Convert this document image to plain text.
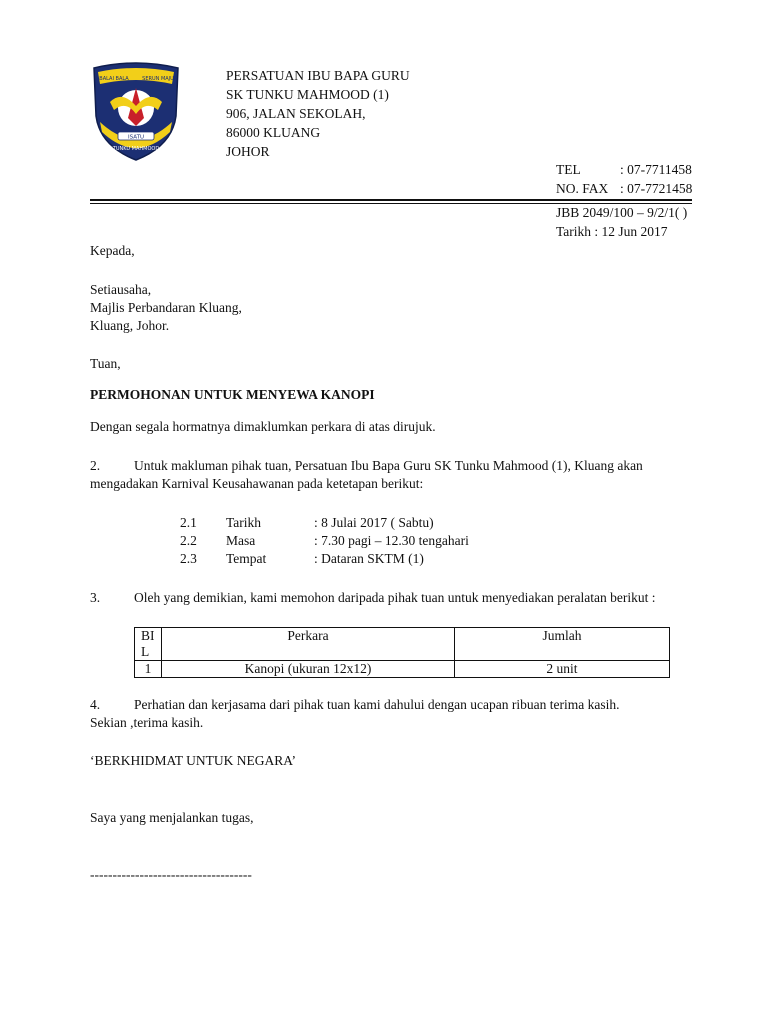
ISATU
BALAI BALA	SERUN MAJU
TUNKU MAHMOOD
PERSATUAN IBU BAPA GURU
SK TUNKU MAHMOOD (1)
906, JALAN SEKOLAH,
86000 KLUANG
JOHOR
TEL	: 07-7711458
NO. FAX : 07-7721458
JBB 2049/100 – 9/2/1( )
Tarikh : 12 Jun 2017
Kepada,
Setiausaha,
Majlis Perbandaran Kluang,
Kluang, Johor.
Tuan,
PERMOHONAN UNTUK MENYEWA KANOPI
Dengan segala hormatnya dimaklumkan perkara di atas dirujuk.
2.	Untuk makluman pihak tuan, Persatuan Ibu Bapa Guru SK Tunku Mahmood (1), Kluang akan
mengadakan Karnival Keusahawanan pada ketetapan berikut:
2.1 Tarikh	: 8 Julai 2017 ( Sabtu)
2.2 Masa	: 7.30 pagi – 12.30 tengahari
2.3 Tempat	: Dataran SKTM (1)
3.	Oleh yang demikian, kami memohon daripada pihak tuan untuk menyediakan peralatan berikut :
BI
L	Perkara	Jumlah
1	Kanopi (ukuran 12x12)	2 unit
4.	Perhatian dan kerjasama dari pihak tuan kami dahului dengan ucapan ribuan terima kasih.
Sekian ,terima kasih.
‘BERKHIDMAT UNTUK NEGARA’
Saya yang menjalankan tugas,
------------------------------------
